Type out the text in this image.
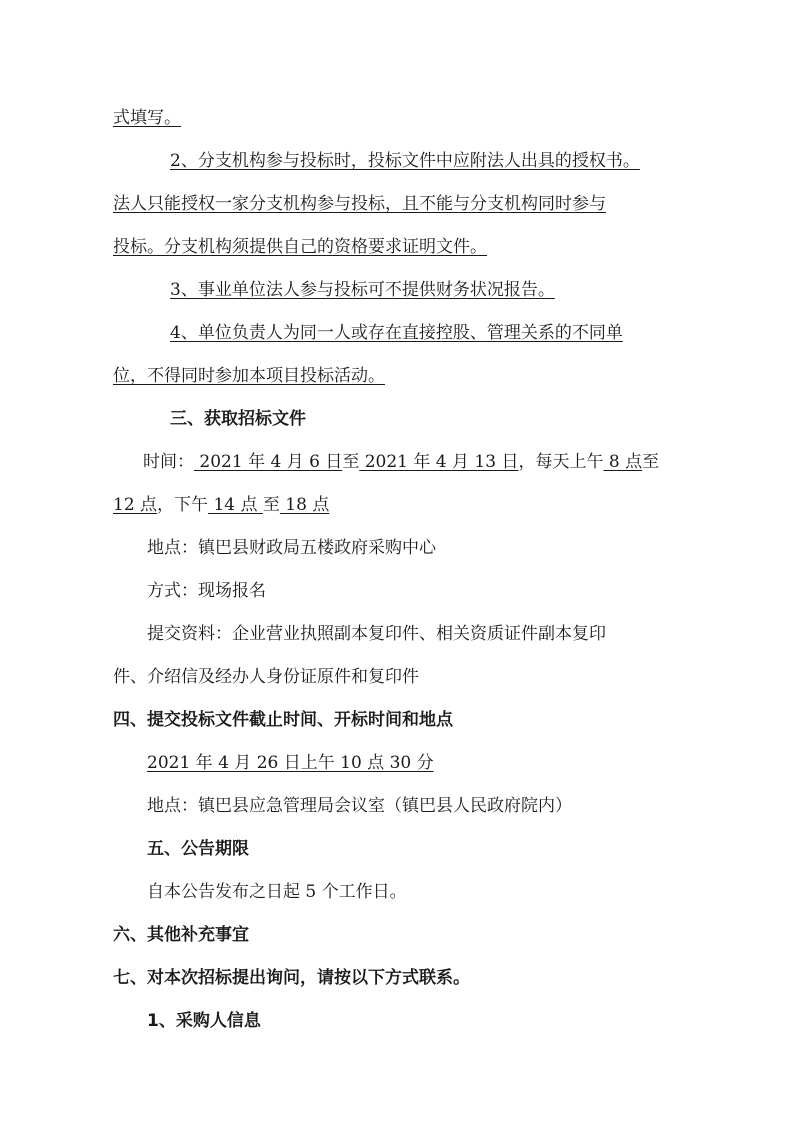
式填写。
2、分支机构参与投标时，投标文件中应附法人出具的授权书。
法人只能授权一家分支机构参与投标，且不能与分支机构同时参与
投标。分支机构须提供自己的资格要求证明文件。
3、事业单位法人参与投标可不提供财务状况报告。
4、单位负责人为同一人或存在直接控股、管理关系的不同单
位，不得同时参加本项目投标活动。
三、获取招标文件
时间： 2021 年 4 月 6 日至 2021 年 4 月 13 日，每天上午 8 点至
12 点，下午 14 点 至 18 点
地点：镇巴县财政局五楼政府采购中心
方式：现场报名
提交资料：企业营业执照副本复印件、相关资质证件副本复印
件、介绍信及经办人身份证原件和复印件
四、提交投标文件截止时间、开标时间和地点
2021 年 4 月 26 日上午 10 点 30 分
地点：镇巴县应急管理局会议室（镇巴县人民政府院内）
五、公告期限
自本公告发布之日起 5 个工作日。
六、其他补充事宜
七、对本次招标提出询问，请按以下方式联系。
1、采购人信息
